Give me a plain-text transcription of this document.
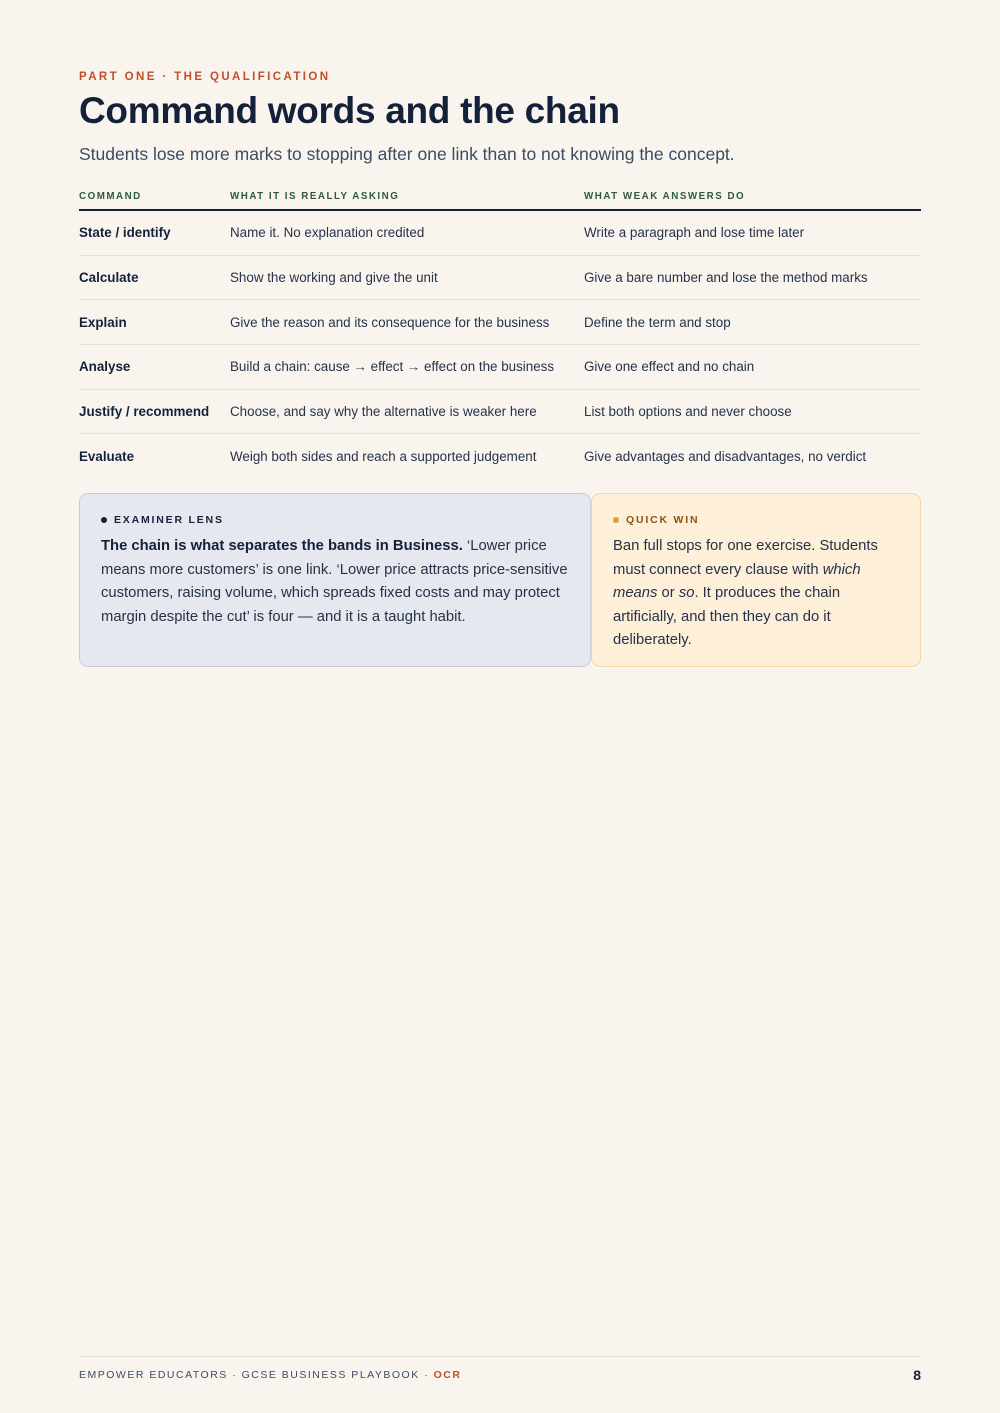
PART ONE · THE QUALIFICATION
Command words and the chain

Students lose more marks to stopping after one link than to not knowing the concept.

COMMAND	WHAT IT IS REALLY ASKING	WHAT WEAK ANSWERS DO
State / identify	Name it. No explanation credited	Write a paragraph and lose time later
Calculate	Show the working and give the unit	Give a bare number and lose the method marks
Explain	Give the reason and its consequence for the business	Define the term and stop
Analyse	Build a chain: cause → effect → effect on the business	Give one effect and no chain
Justify / recommend	Choose, and say why the alternative is weaker here	List both options and never choose
Evaluate	Weigh both sides and reach a supported judgement	Give advantages and disadvantages, no verdict
EXAMINER LENS

The chain is what separates the bands in Business. ‘Lower price means more customers’ is one link. ‘Lower price attracts price-sensitive customers, raising volume, which spreads fixed costs and may protect margin despite the cut’ is four — and it is a taught habit.

QUICK WIN

Ban full stops for one exercise. Students must connect every clause with which means or so. It produces the chain artificially, and then they can do it deliberately.

EMPOWER EDUCATORS · GCSE BUSINESS PLAYBOOK · OCR	8
